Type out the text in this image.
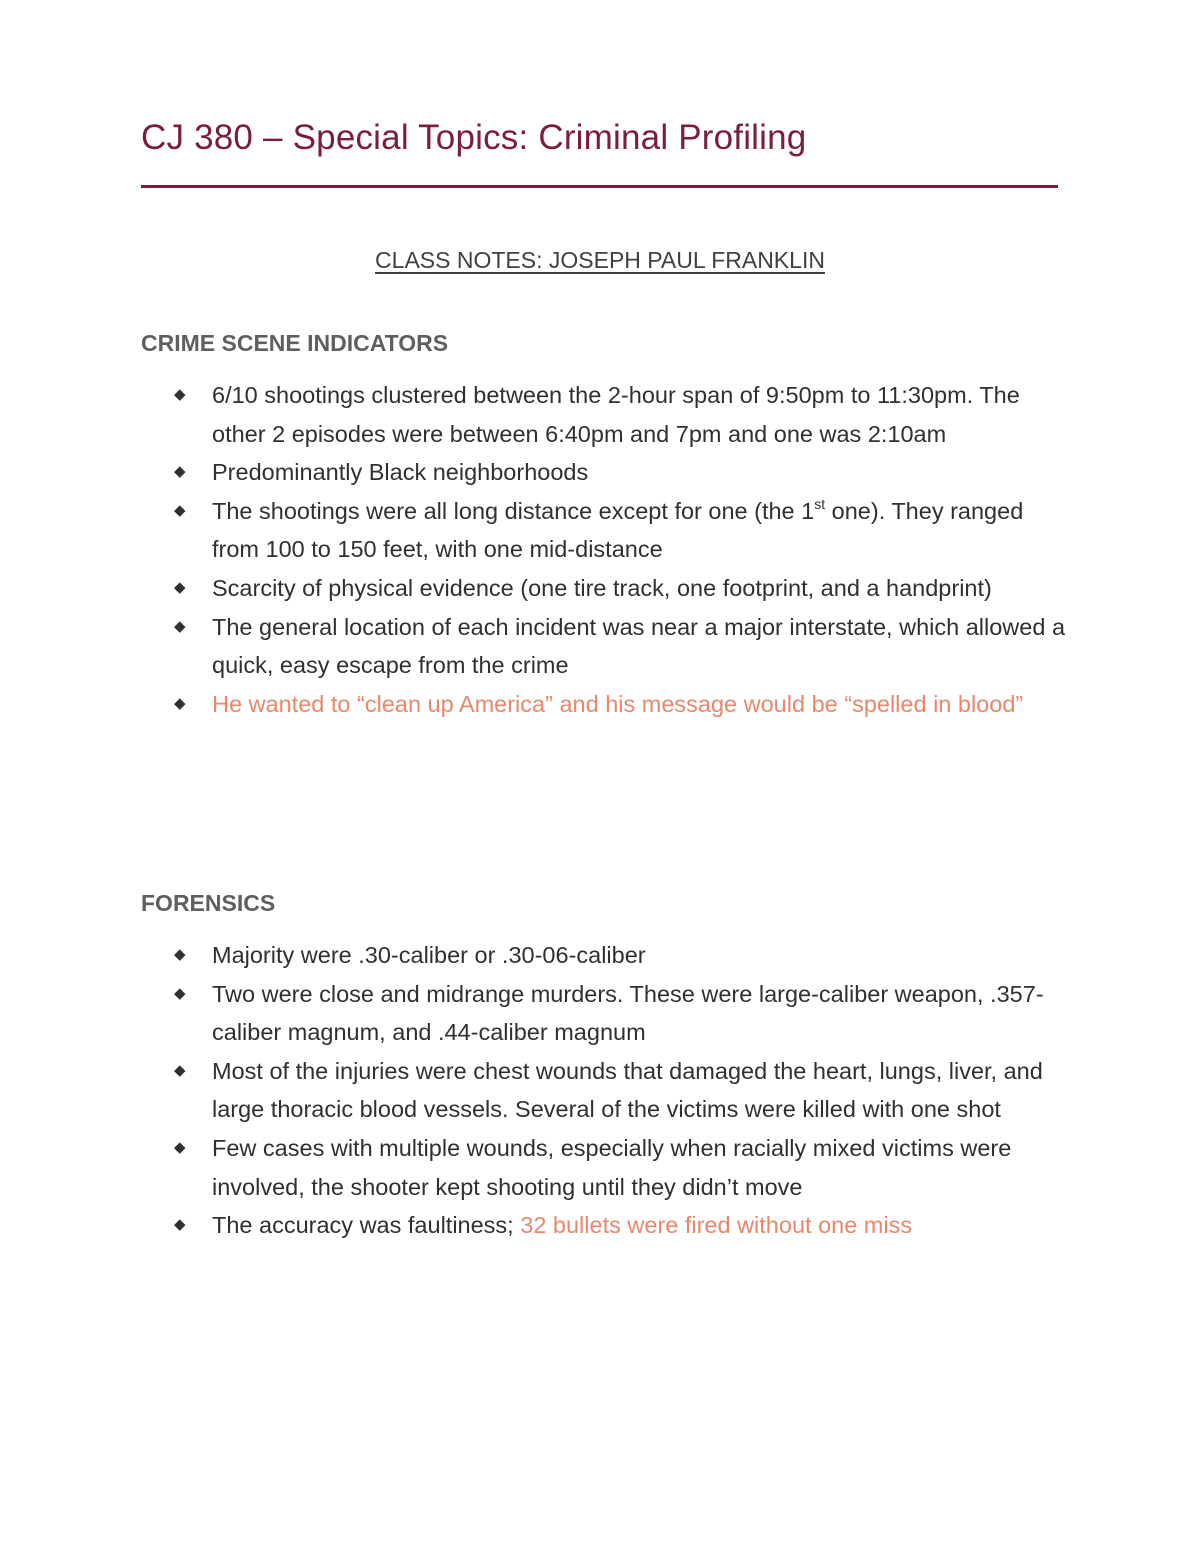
CJ 380 – Special Topics: Criminal Profiling
CLASS NOTES: JOSEPH PAUL FRANKLIN
CRIME SCENE INDICATORS
◆ 6/10 shootings clustered between the 2-hour span of 9:50pm to 11:30pm. The other 2 episodes were between 6:40pm and 7pm and one was 2:10am
◆ Predominantly Black neighborhoods
◆ The shootings were all long distance except for one (the 1st one). They ranged from 100 to 150 feet, with one mid-distance
◆ Scarcity of physical evidence (one tire track, one footprint, and a handprint)
◆ The general location of each incident was near a major interstate, which allowed a quick, easy escape from the crime
◆ He wanted to “clean up America” and his message would be “spelled in blood”
FORENSICS
◆ Majority were .30-caliber or .30-06-caliber
◆ Two were close and midrange murders. These were large-caliber weapon, .357-caliber magnum, and .44-caliber magnum
◆ Most of the injuries were chest wounds that damaged the heart, lungs, liver, and large thoracic blood vessels. Several of the victims were killed with one shot
◆ Few cases with multiple wounds, especially when racially mixed victims were involved, the shooter kept shooting until they didn’t move
◆ The accuracy was faultiness; 32 bullets were fired without one miss
